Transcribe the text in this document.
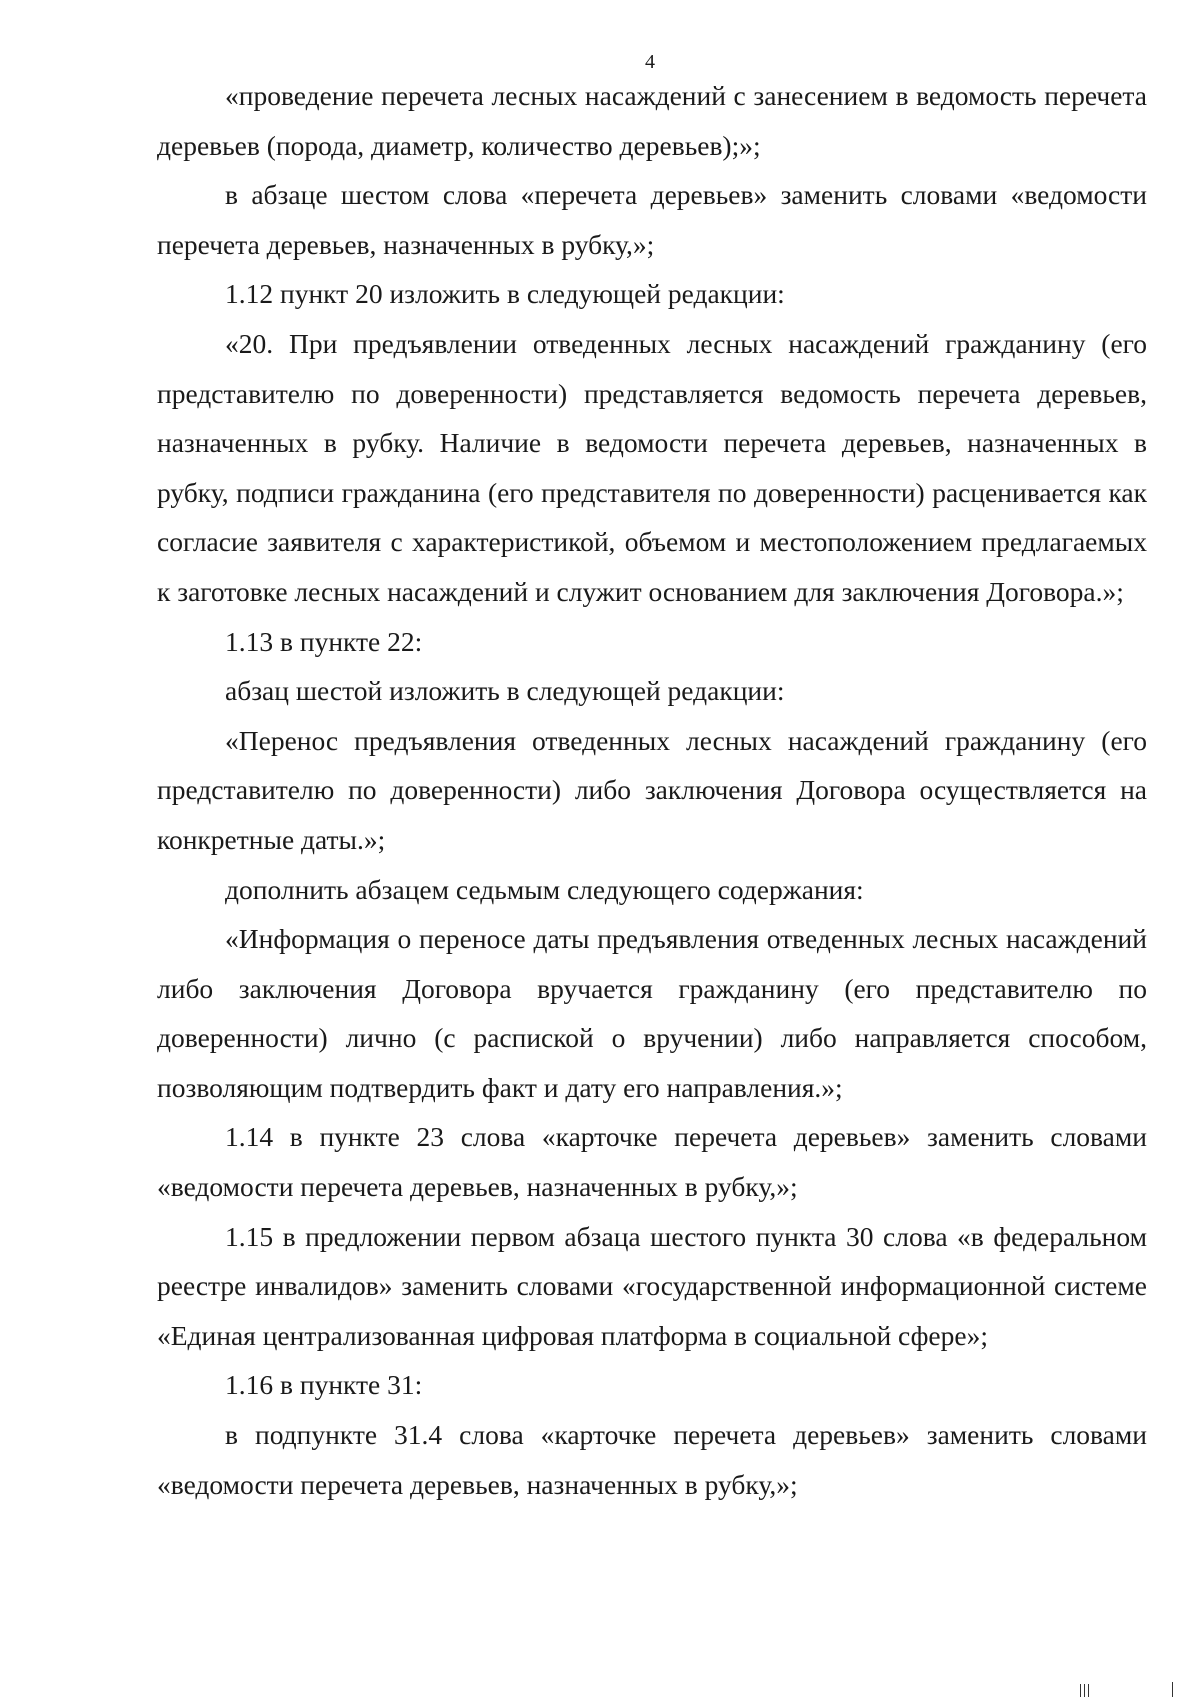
4

«проведение перечета лесных насаждений с занесением в ведомость перечета деревьев (порода, диаметр, количество деревьев);»;

в абзаце шестом слова «перечета деревьев» заменить словами «ведомости перечета деревьев, назначенных в рубку,»;

1.12 пункт 20 изложить в следующей редакции:

«20. При предъявлении отведенных лесных насаждений гражданину (его представителю по доверенности) представляется ведомость перечета деревьев, назначенных в рубку. Наличие в ведомости перечета деревьев, назначенных в рубку, подписи гражданина (его представителя по доверенности) расценивается как согласие заявителя с характеристикой, объемом и местоположением предлагаемых к заготовке лесных насаждений и служит основанием для заключения Договора.»;

1.13 в пункте 22:

абзац шестой изложить в следующей редакции:

«Перенос предъявления отведенных лесных насаждений гражданину (его представителю по доверенности) либо заключения Договора осуществляется на конкретные даты.»;

дополнить абзацем седьмым следующего содержания:

«Информация о переносе даты предъявления отведенных лесных насаждений либо заключения Договора вручается гражданину (его представителю по доверенности) лично (с распиской о вручении) либо направляется способом, позволяющим подтвердить факт и дату его направления.»;

1.14 в пункте 23 слова «карточке перечета деревьев» заменить словами «ведомости перечета деревьев, назначенных в рубку,»;

1.15 в предложении первом абзаца шестого пункта 30 слова «в федеральном реестре инвалидов» заменить словами «государственной информационной системе «Единая централизованная цифровая платформа в социальной сфере»;

1.16 в пункте 31:

в подпункте 31.4 слова «карточке перечета деревьев» заменить словами «ведомости перечета деревьев, назначенных в рубку,»;
